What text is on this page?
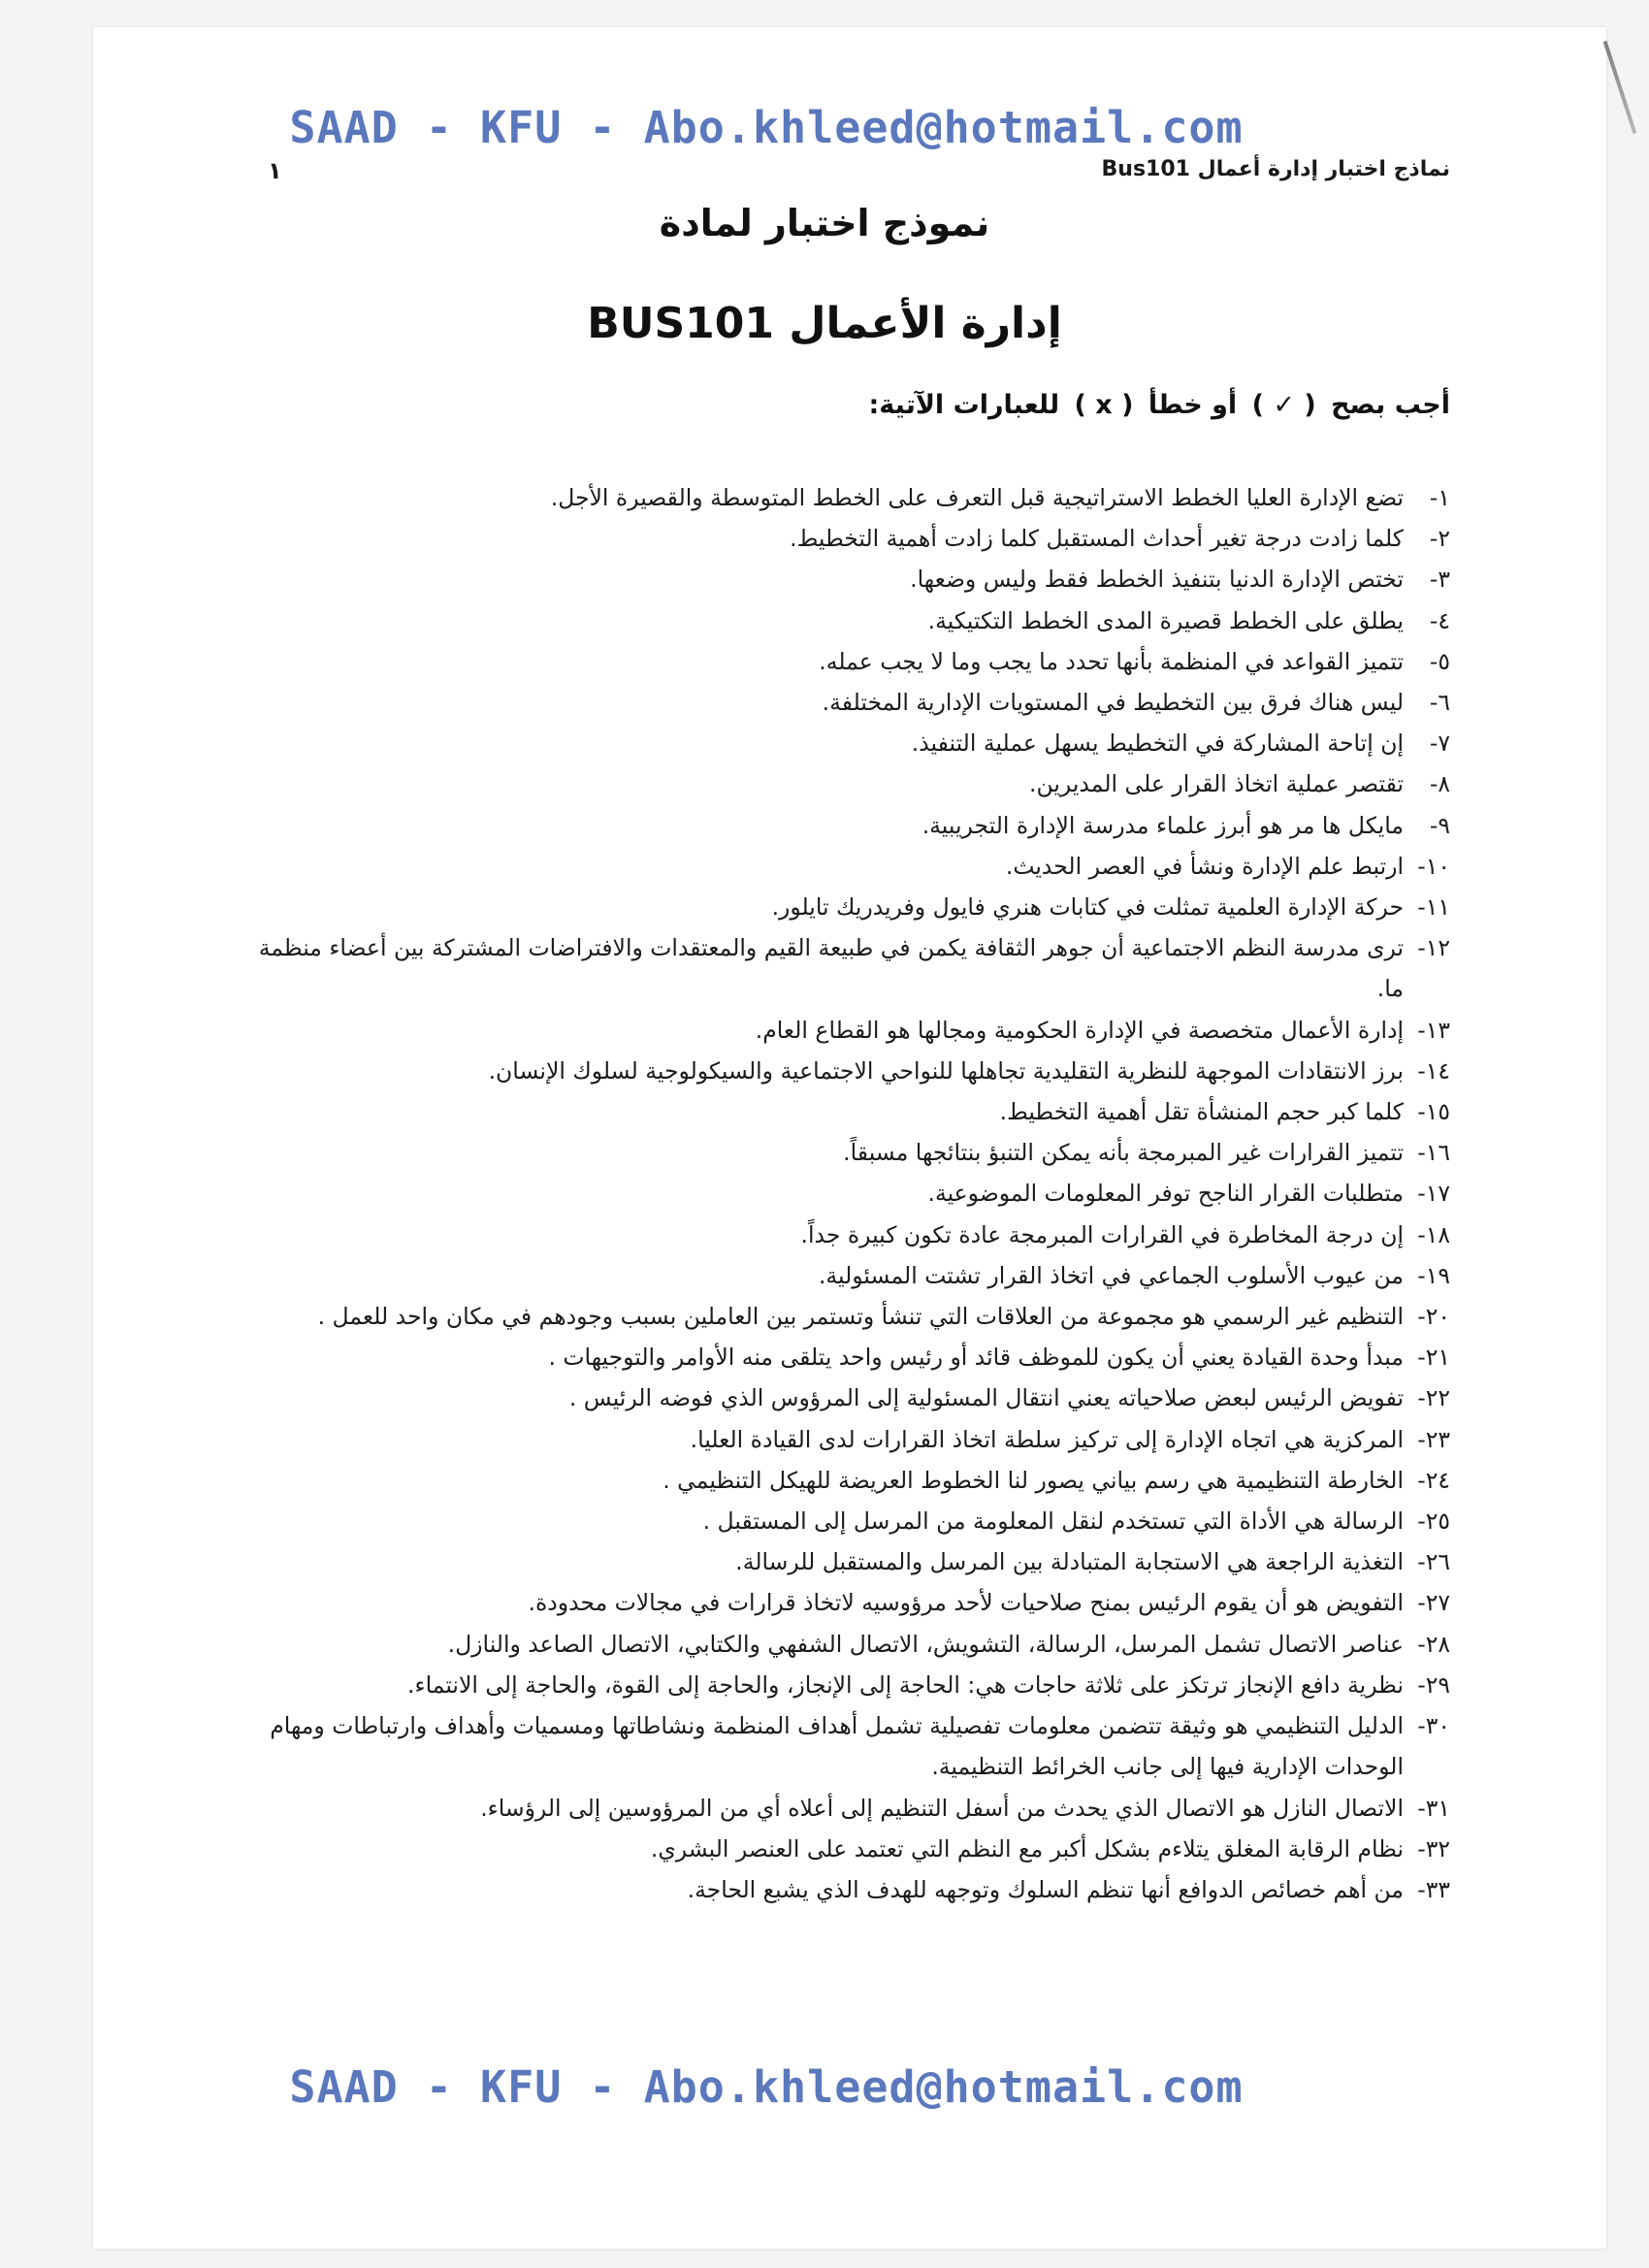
SAAD - KFU - Abo.khleed@hotmail.com
نماذج اختبار إدارة أعمال Bus101
١
نموذج اختبار لمادة
إدارة الأعمال BUS101
أجب بصح ( ✓ ) أو خطأ ( x ) للعبارات الآتية:
١-
تضع الإدارة العليا الخطط الاستراتيجية قبل التعرف على الخطط المتوسطة والقصيرة الأجل.
٢-
كلما زادت درجة تغير أحداث المستقبل كلما زادت أهمية التخطيط.
٣-
تختص الإدارة الدنيا بتنفيذ الخطط فقط وليس وضعها.
٤-
يطلق على الخطط قصيرة المدى الخطط التكتيكية.
٥-
تتميز القواعد في المنظمة بأنها تحدد ما يجب وما لا يجب عمله.
٦-
ليس هناك فرق بين التخطيط في المستويات الإدارية المختلفة.
٧-
إن إتاحة المشاركة في التخطيط يسهل عملية التنفيذ.
٨-
تقتصر عملية اتخاذ القرار على المديرين.
٩-
مايكل ها مر هو أبرز علماء مدرسة الإدارة التجريبية.
١٠-
ارتبط علم الإدارة ونشأ في العصر الحديث.
١١-
حركة الإدارة العلمية تمثلت في كتابات هنري فايول وفريدريك تايلور.
١٢-
ترى مدرسة النظم الاجتماعية أن جوهر الثقافة يكمن في طبيعة القيم والمعتقدات والافتراضات المشتركة بين أعضاء منظمة ما.
١٣-
إدارة الأعمال متخصصة في الإدارة الحكومية ومجالها هو القطاع العام.
١٤-
برز الانتقادات الموجهة للنظرية التقليدية تجاهلها للنواحي الاجتماعية والسيكولوجية لسلوك الإنسان.
١٥-
كلما كبر حجم المنشأة تقل أهمية التخطيط.
١٦-
تتميز القرارات غير المبرمجة بأنه يمكن التنبؤ بنتائجها مسبقاً.
١٧-
متطلبات القرار الناجح توفر المعلومات الموضوعية.
١٨-
إن درجة المخاطرة في القرارات المبرمجة عادة تكون كبيرة جداً.
١٩-
من عيوب الأسلوب الجماعي في اتخاذ القرار تشتت المسئولية.
٢٠-
التنظيم غير الرسمي هو مجموعة من العلاقات التي تنشأ وتستمر بين العاملين بسبب وجودهم في مكان واحد للعمل .
٢١-
مبدأ وحدة القيادة يعني أن يكون للموظف قائد أو رئيس واحد يتلقى منه الأوامر والتوجيهات .
٢٢-
تفويض الرئيس لبعض صلاحياته يعني انتقال المسئولية إلى المرؤوس الذي فوضه الرئيس .
٢٣-
المركزية هي اتجاه الإدارة إلى تركيز سلطة اتخاذ القرارات لدى القيادة العليا.
٢٤-
الخارطة التنظيمية هي رسم بياني يصور لنا الخطوط العريضة للهيكل التنظيمي .
٢٥-
الرسالة هي الأداة التي تستخدم لنقل المعلومة من المرسل إلى المستقبل .
٢٦-
التغذية الراجعة هي الاستجابة المتبادلة بين المرسل والمستقبل للرسالة.
٢٧-
التفويض هو أن يقوم الرئيس بمنح صلاحيات لأحد مرؤوسيه لاتخاذ قرارات في مجالات محدودة.
٢٨-
عناصر الاتصال تشمل المرسل، الرسالة، التشويش، الاتصال الشفهي والكتابي، الاتصال الصاعد والنازل.
٢٩-
نظرية دافع الإنجاز ترتكز على ثلاثة حاجات هي: الحاجة إلى الإنجاز، والحاجة إلى القوة، والحاجة إلى الانتماء.
٣٠-
الدليل التنظيمي هو وثيقة تتضمن معلومات تفصيلية تشمل أهداف المنظمة ونشاطاتها ومسميات وأهداف وارتباطات ومهام الوحدات الإدارية فيها إلى جانب الخرائط التنظيمية.
٣١-
الاتصال النازل هو الاتصال الذي يحدث من أسفل التنظيم إلى أعلاه أي من المرؤوسين إلى الرؤساء.
٣٢-
نظام الرقابة المغلق يتلاءم بشكل أكبر مع النظم التي تعتمد على العنصر البشري.
٣٣-
من أهم خصائص الدوافع أنها تنظم السلوك وتوجهه للهدف الذي يشبع الحاجة.
SAAD - KFU - Abo.khleed@hotmail.com
